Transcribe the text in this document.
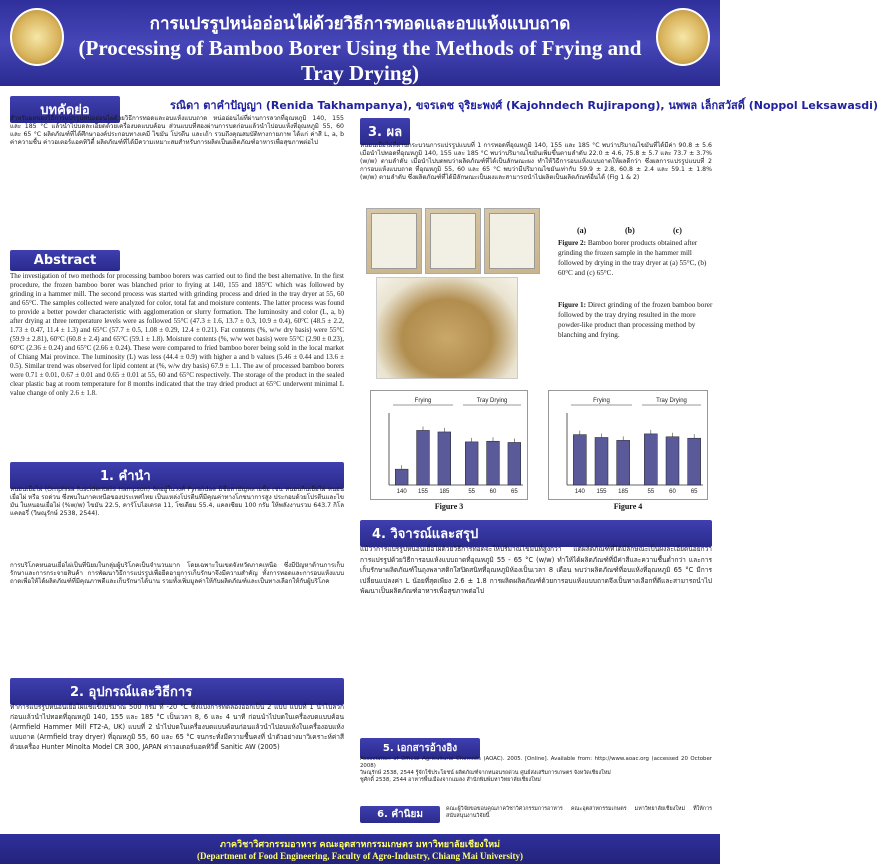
การแปรรูปหน่ออ่อนไผ่ด้วยวิธีการทอดและอบแห้งแบบถาด
(Processing of Bamboo Borer Using the Methods of Frying and Tray Drying)
รณิดา ตาคำปัญญา (Renida Takhampanya), ขจรเดช จุริยะพงศ์ (Kajohndech Rujirapong), นพพล เล็กสวัสดิ์ (Noppol Leksawasdi)
บทคัดย่อ
สำหรับผลของวิธีการแปรรูปหน่ออ่อนไผ่ด้วยวิธีการทอดและอบแห้งแบบถาด หน่ออ่อนไผ่ที่ผ่านการลวกที่อุณหภูมิ 140, 155 และ 185 °C แล้วนำไปบดละเอียดด้วยเครื่องบดแบบค้อน ส่วนแบบที่สองผ่านการบดก่อนแล้วนำไปอบแห้งที่อุณหภูมิ 55, 60 และ 65 °C ผลิตภัณฑ์ที่ได้ศึกษาองค์ประกอบทางเคมี ไขมัน โปรตีน และเถ้า รวมถึงคุณสมบัติทางกายภาพ ได้แก่ ค่าสี L, a, b ค่าความชื้น ค่าวอเตอร์แอคทิวิตี้ ผลิตภัณฑ์ที่ได้มีความเหมาะสมสำหรับการผลิตเป็นผลิตภัณฑ์อาหารเพื่อสุขภาพต่อไป
Abstract
The investigation of two methods for processing bamboo borers was carried out to find the best alternative. In the first procedure, the frozen bamboo borer was blanched prior to frying at 140, 155 and 185°C which was followed by grinding in a hammer mill. The second process was started with grinding process and dried in the tray dryer at 55, 60 and 65°C. The samples collected were analyzed for color, total fat and moisture contents. The latter process was found to provide a better powder characteristic with agglomeration or slurry formation. The luminosity and color (L, a, b) after drying at three temperature levels were as followed 55°C (47.3 ± 1.6, 13.7 ± 0.3, 10.9 ± 0.4), 60°C (48.5 ± 2.2, 1.73 ± 0.47, 11.4 ± 1.3) and 65°C (57.7 ± 0.5, 1.08 ± 0.29, 12.4 ± 0.21). Fat contents (%, w/w dry basis) were 55°C (59.9 ± 2.81), 60°C (60.8 ± 2.4) and 65°C (59.1 ± 1.8). Moisture contents (%, w/w wet basis) were 55°C (2.90 ± 0.23), 60°C (2.36 ± 0.24) and 65°C (2.66 ± 0.24). These were compared to fried bamboo borer being sold in the local market of Chiang Mai province. The luminosity (L) was less (44.4 ± 0.9) with higher a and b values (5.46 ± 0.44 and 13.6 ± 0.5). Similar trend was observed for lipid content at (%, w/w dry basis) 67.9 ± 1.1. The aw of processed bamboo borers were 0.71 ± 0.01, 0.67 ± 0.01 and 0.65 ± 0.01 at 55, 60 and 65°C respectively. The storage of the product in the sealed clear plastic bag at room temperature for 8 months indicated that the tray dried product at 65°C underwent minimal L value change of only 2.6 ± 1.8.
1. คำนำ
หนอนเยื่อไผ่ (Omphisa fuscidentalis Hampson) จัดอยู่ในวงศ์ Pyralidae มีชื่อสามัญหลายชื่อ เช่น หนอนกินเยื่อไผ่ หนอนเยื่อไผ่ หรือ รถด่วน ซึ่งพบในภาคเหนือของประเทศไทย เป็นแหล่งโปรตีนที่มีคุณค่าทางโภชนาการสูง ประกอบด้วยโปรตีนและไขมัน ในหนอนเยื่อไผ่ (%w/w) ไขมัน 22.5, คาร์โบไฮเดรต 11, โซเดียม 55.4, แคลเซียม 100 กรัม ให้พลังงานรวม 643.7 กิโลแคลอรี่ (วิษณุรักษ์ 2538, 2544).
การบริโภคหนอนเยื่อไผ่เป็นที่นิยมในกลุ่มผู้บริโภคเป็นจำนวนมาก โดยเฉพาะในเขตจังหวัดภาคเหนือ ซึ่งมีปัญหาด้านการเก็บรักษาและการกระจายสินค้า การพัฒนาวิธีการแปรรูปเพื่อยืดอายุการเก็บรักษาจึงมีความสำคัญ ทั้งการทอดและการอบแห้งแบบถาดเพื่อให้ได้ผลิตภัณฑ์ที่มีคุณภาพดีและเก็บรักษาได้นาน รวมทั้งเพิ่มมูลค่าให้กับผลิตภัณฑ์และเป็นทางเลือกให้กับผู้บริโภค
2. อุปกรณ์และวิธีการ
ทำการแปรรูปหนอนเยื่อไผ่แช่แข็งปริมาณ 500 กรัม ที่ -20 °C ซึ่งแบ่งการทดลองออกเป็น 2 แบบ แบบที่ 1 นำไปลวกก่อนแล้วนำไปทอดที่อุณหภูมิ 140, 155 และ 185 °C เป็นเวลา 8, 6 และ 4 นาที ก่อนนำไปบดในเครื่องบดแบบค้อน (Armfield Hammer Mill FT2-A, UK) แบบที่ 2 นำไปบดในเครื่องบดแบบค้อนก่อนแล้วนำไปอบแห้งในเครื่องอบแห้งแบบถาด (Armfield tray dryer) ที่อุณหภูมิ 55, 60 และ 65 °C จนกระทั่งมีความชื้นคงที่ นำตัวอย่างมาวิเคราะห์ค่าสีด้วยเครื่อง Hunter Minolta Model CR 300, JAPAN ค่าวอเตอร์แอคทิวิตี้ Sanitic AW (2005)
3. ผล
หนอนเยื่อไผ่ที่ผ่านกระบวนการแปรรูปแบบที่ 1 การทอดที่อุณหภูมิ 140, 155 และ 185 °C พบว่าปริมาณไขมันที่ได้มีค่า 90.8 ± 5.6 เมื่อนำไปทอดที่อุณหภูมิ 140, 155 และ 185 °C พบว่าปริมาณไขมันเพิ่มขึ้นตามลำดับ 22.0 ± 4.6, 75.8 ± 5.7 และ 73.7 ± 3.7% (w/w) ตามลำดับ เมื่อนำไปบดพบว่าผลิตภัณฑ์ที่ได้เป็นลักษณะผง ทำให้วิธีการอบแห้งแบบถาดให้ผลดีกว่า ซึ่งผลการแปรรูปแบบที่ 2 การอบแห้งแบบถาด ที่อุณหภูมิ 55, 60 และ 65 °C พบว่ามีปริมาณไขมันเท่ากับ 59.9 ± 2.8, 60.8 ± 2.4 และ 59.1 ± 1.8% (w/w) ตามลำดับ ซึ่งผลิตภัณฑ์ที่ได้มีลักษณะเป็นผงและสามารถนำไปผลิตเป็นผลิตภัณฑ์อื่นได้ (Fig 1 & 2)
(a)	(b)	(c)
Figure 2: Bamboo borer products obtained after grinding the frozen sample in the hammer mill followed by drying in the tray dryer at (a) 55°C, (b) 60°C and (c) 65°C.
Figure 1: Direct grinding of the frozen bamboo borer followed by the tray drying resulted in the more powder-like product than processing method by blanching and frying.
140 155 185	55 60 65
Frying	Tray Drying
Figure 3
140 155 185	55 60 65
Frying	Tray Drying
Figure 4
4. วิจารณ์และสรุป
แม้ว่าการแปรรูปหนอนเยื่อไผ่ด้วยวิธีการทอดจะให้ปริมาณไขมันที่สูงกว่า แต่ผลิตภัณฑ์ที่ได้มีลักษณะเป็นผงละเอียดน้อยกว่า การแปรรูปด้วยวิธีการอบแห้งแบบถาดที่อุณหภูมิ 55 - 65 °C (w/w) ทำให้ได้ผลิตภัณฑ์ที่มีค่าสีและความชื้นต่ำกว่า และการเก็บรักษาผลิตภัณฑ์ในถุงพลาสติกใสปิดสนิทที่อุณหภูมิห้องเป็นเวลา 8 เดือน พบว่าผลิตภัณฑ์ที่อบแห้งที่อุณหภูมิ 65 °C มีการเปลี่ยนแปลงค่า L น้อยที่สุดเพียง 2.6 ± 1.8 การผลิตผลิตภัณฑ์ด้วยการอบแห้งแบบถาดจึงเป็นทางเลือกที่ดีและสามารถนำไปพัฒนาเป็นผลิตภัณฑ์อาหารเพื่อสุขภาพต่อไป
5. เอกสารอ้างอิง
Association of Official Agricultural Chemists (AOAC). 2005. [Online]. Available from: http://www.aoac.org (accessed 20 October 2008)
วิษณุรักษ์ 2538, 2544 รู้จักใช้ประโยชน์ ผลิตภัณฑ์จากหนอนรถด่วน ศูนย์ส่งเสริมการเกษตร จังหวัดเชียงใหม่
ชูศักดิ์ 2538, 2544 อาหารพื้นเมืองจากแมลง สำนักพิมพ์มหาวิทยาลัยเชียงใหม่
6. คำนิยม	คณะผู้วิจัยขอขอบคุณภาควิชาวิศวกรรมการอาหาร คณะอุตสาหกรรมเกษตร มหาวิทยาลัยเชียงใหม่ ที่ให้การสนับสนุนงานวิจัยนี้
ภาควิชาวิศวกรรมอาหาร คณะอุตสาหกรรมเกษตร มหาวิทยาลัยเชียงใหม่
(Department of Food Engineering, Faculty of Agro-Industry, Chiang Mai University)
